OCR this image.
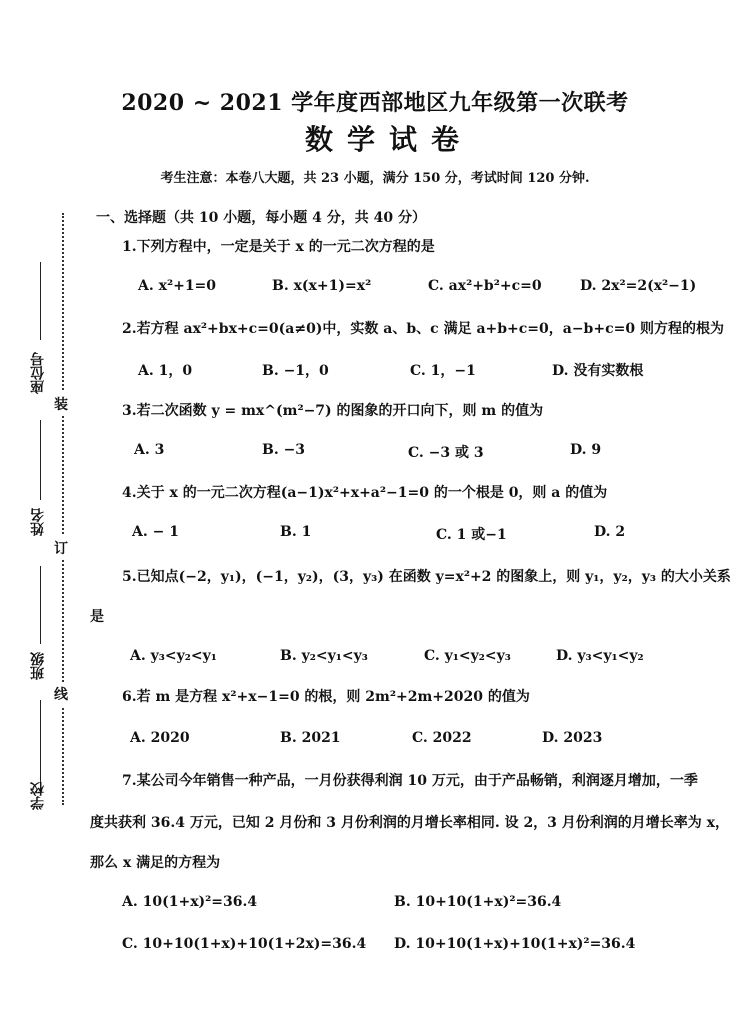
2020 ~ 2021 学年度西部地区九年级第一次联考
数学试卷
考生注意：本卷八大题，共 23 小题，满分 150 分，考试时间 120 分钟.
装
订
线
座位号
姓名
班级
学校
一、选择题（共 10 小题，每小题 4 分，共 40 分）
1.下列方程中，一定是关于 x 的一元二次方程的是
A. x²+1=0	B. x(x+1)=x²	C. ax²+b²+c=0	D. 2x²=2(x²−1)
2.若方程 ax²+bx+c=0(a≠0)中，实数 a、b、c 满足 a+b+c=0，a−b+c=0 则方程的根为
A. 1，0	B. −1，0	C. 1，−1	D. 没有实数根
3.若二次函数 y = mx^(m²−7) 的图象的开口向下，则 m 的值为
A. 3	B. −3	C. −3 或 3	D. 9
4.关于 x 的一元二次方程(a−1)x²+x+a²−1=0 的一个根是 0，则 a 的值为
A. − 1	B. 1	C. 1 或−1	D. 2
5.已知点(−2，y₁)，(−1，y₂)，(3，y₃) 在函数 y=x²+2 的图象上，则 y₁，y₂，y₃ 的大小关系
是
A. y₃<y₂<y₁	B. y₂<y₁<y₃	C. y₁<y₂<y₃	D. y₃<y₁<y₂
6.若 m 是方程 x²+x−1=0 的根，则 2m²+2m+2020 的值为
A. 2020	B. 2021	C. 2022	D. 2023
7.某公司今年销售一种产品，一月份获得利润 10 万元，由于产品畅销，利润逐月增加，一季
度共获利 36.4 万元，已知 2 月份和 3 月份利润的月增长率相同. 设 2，3 月份利润的月增长率为 x，
那么 x 满足的方程为
A. 10(1+x)²=36.4	B. 10+10(1+x)²=36.4
C. 10+10(1+x)+10(1+2x)=36.4 D. 10+10(1+x)+10(1+x)²=36.4
